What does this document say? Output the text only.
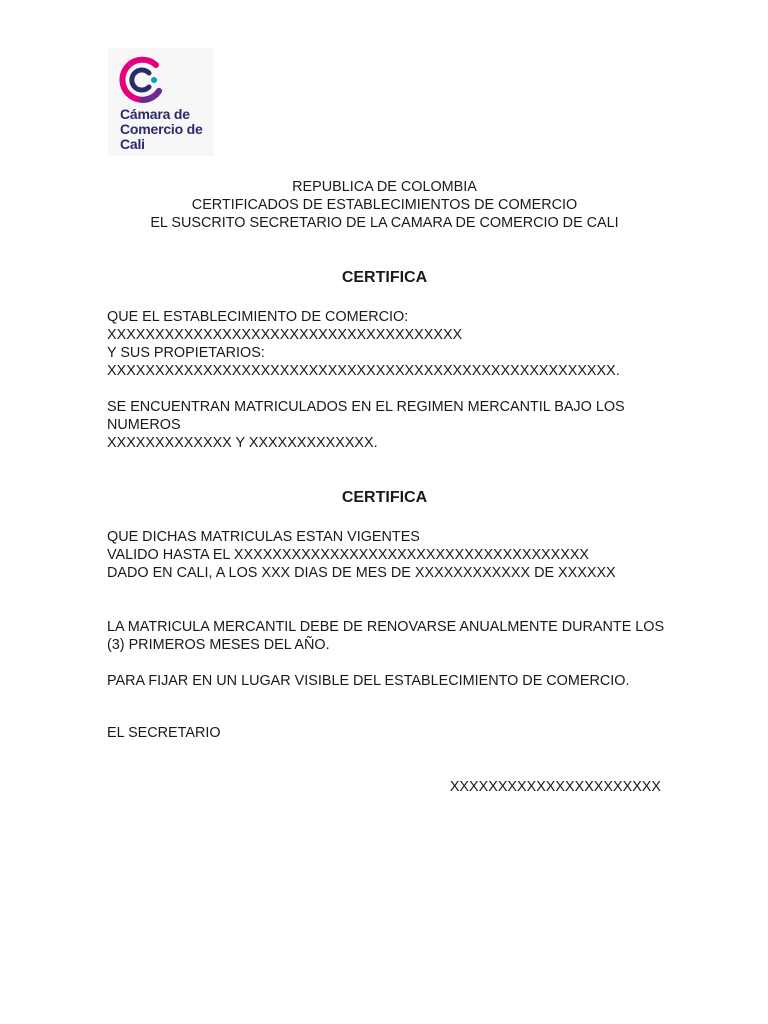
Cámara de
Comercio de
Cali
REPUBLICA DE COLOMBIA
CERTIFICADOS DE ESTABLECIMIENTOS DE COMERCIO
EL SUSCRITO SECRETARIO DE LA CAMARA DE COMERCIO DE CALI
CERTIFICA
QUE EL ESTABLECIMIENTO DE COMERCIO:
XXXXXXXXXXXXXXXXXXXXXXXXXXXXXXXXXXXXX
Y SUS PROPIETARIOS:
XXXXXXXXXXXXXXXXXXXXXXXXXXXXXXXXXXXXXXXXXXXXXXXXXXXXX.
SE ENCUENTRAN MATRICULADOS EN EL REGIMEN MERCANTIL BAJO LOS NUMEROS
XXXXXXXXXXXXX Y XXXXXXXXXXXXX.
CERTIFICA
QUE DICHAS MATRICULAS ESTAN VIGENTES
VALIDO HASTA EL XXXXXXXXXXXXXXXXXXXXXXXXXXXXXXXXXXXXX
DADO EN CALI, A LOS XXX DIAS DE MES DE XXXXXXXXXXXX DE XXXXXX
LA MATRICULA MERCANTIL DEBE DE RENOVARSE ANUALMENTE DURANTE LOS (3) PRIMEROS MESES DEL AÑO.
PARA FIJAR EN UN LUGAR VISIBLE DEL ESTABLECIMIENTO DE COMERCIO.
EL SECRETARIO
XXXXXXXXXXXXXXXXXXXXXX
